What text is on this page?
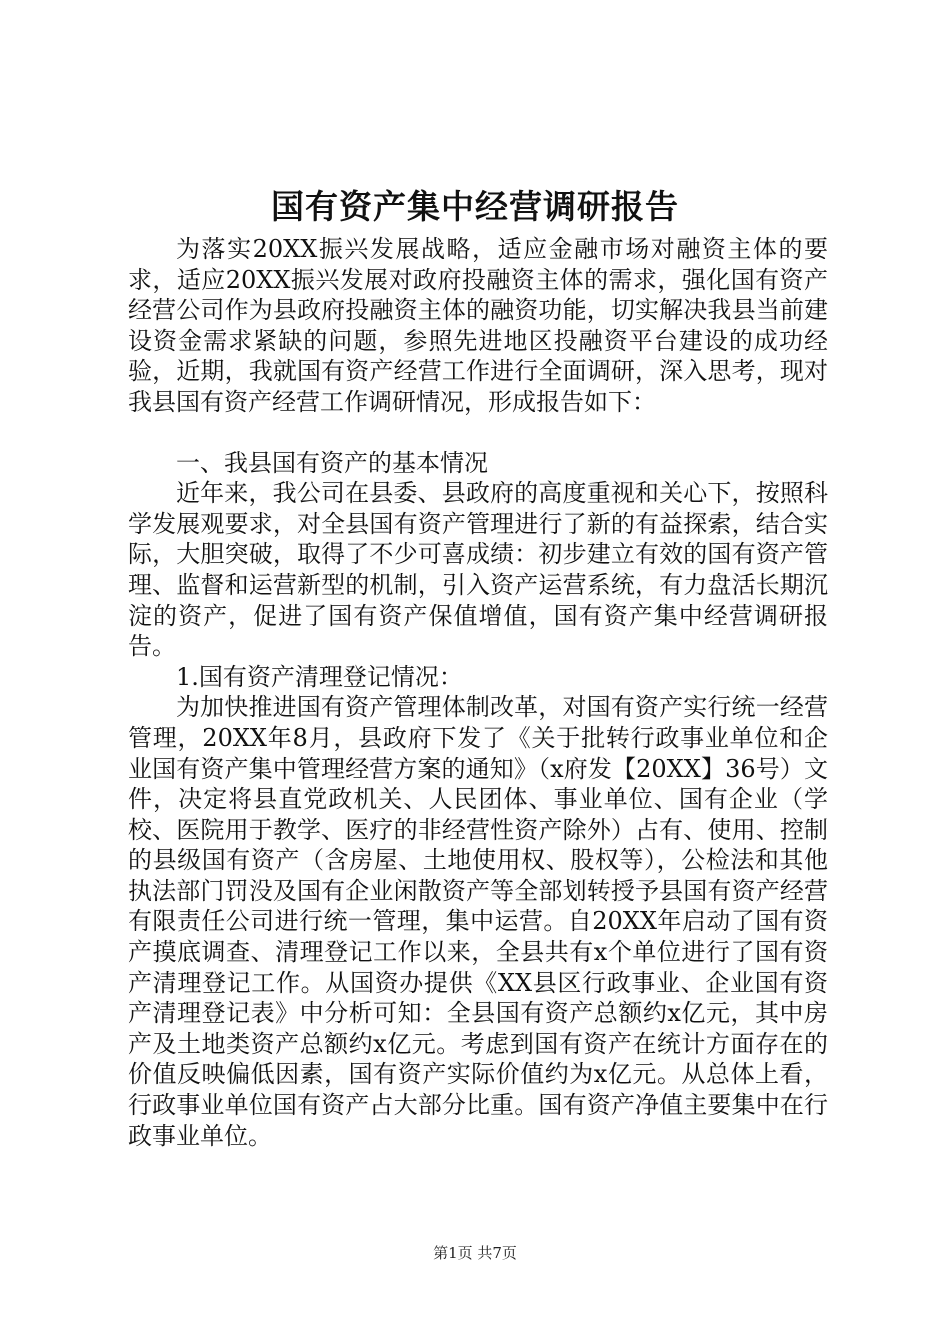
国有资产集中经营调研报告

为落实20XX振兴发展战略，适应金融市场对融资主体的要求，适应20XX振兴发展对政府投融资主体的需求，强化国有资产经营公司作为县政府投融资主体的融资功能，切实解决我县当前建设资金需求紧缺的问题，参照先进地区投融资平台建设的成功经验，近期，我就国有资产经营工作进行全面调研，深入思考，现对我县国有资产经营工作调研情况，形成报告如下：

一、我县国有资产的基本情况

近年来，我公司在县委、县政府的高度重视和关心下，按照科学发展观要求，对全县国有资产管理进行了新的有益探索，结合实际，大胆突破，取得了不少可喜成绩：初步建立有效的国有资产管理、监督和运营新型的机制，引入资产运营系统，有力盘活长期沉淀的资产，促进了国有资产保值增值，国有资产集中经营调研报告。

1.国有资产清理登记情况：

为加快推进国有资产管理体制改革，对国有资产实行统一经营管理，20XX年8月，县政府下发了《关于批转行政事业单位和企业国有资产集中管理经营方案的通知》（x府发【20XX】36号）文件，决定将县直党政机关、人民团体、事业单位、国有企业（学校、医院用于教学、医疗的非经营性资产除外）占有、使用、控制的县级国有资产（含房屋、土地使用权、股权等），公检法和其他执法部门罚没及国有企业闲散资产等全部划转授予县国有资产经营有限责任公司进行统一管理，集中运营。自20XX年启动了国有资产摸底调查、清理登记工作以来，全县共有x个单位进行了国有资产清理登记工作。从国资办提供《XX县区行政事业、企业国有资产清理登记表》中分析可知：全县国有资产总额约x亿元，其中房产及土地类资产总额约x亿元。考虑到国有资产在统计方面存在的价值反映偏低因素，国有资产实际价值约为x亿元。从总体上看，行政事业单位国有资产占大部分比重。国有资产净值主要集中在行政事业单位。

第1页 共7页
